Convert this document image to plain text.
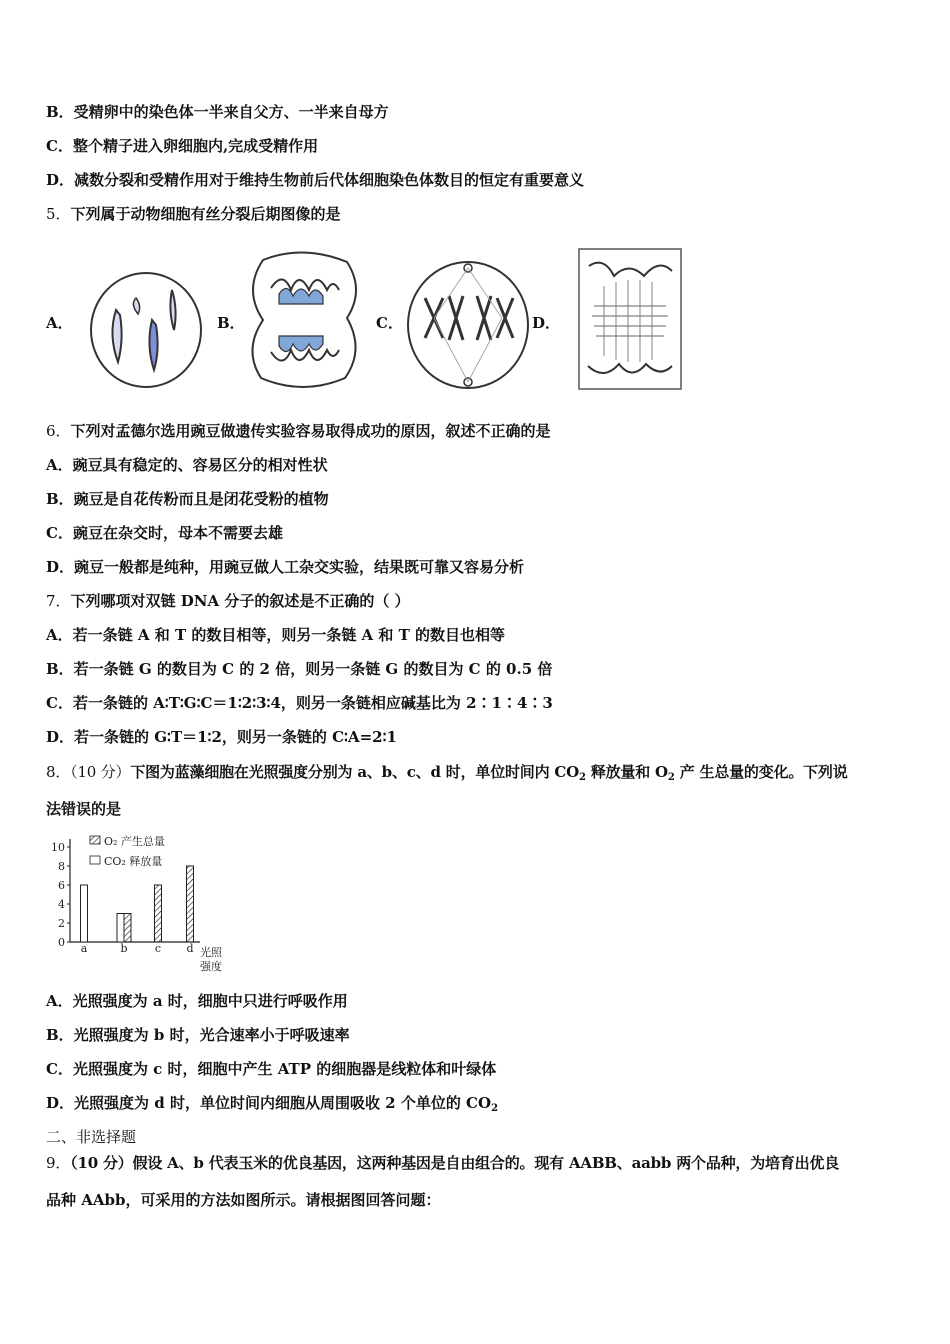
B．受精卵中的染色体一半来自父方、一半来自母方
C．整个精子进入卵细胞内,完成受精作用
D．减数分裂和受精作用对于维持生物前后代体细胞染色体数目的恒定有重要意义
5．下列属于动物细胞有丝分裂后期图像的是
A．	B．	C．	D．
6．下列对孟德尔选用豌豆做遗传实验容易取得成功的原因，叙述不正确的是
A．豌豆具有稳定的、容易区分的相对性状
B．豌豆是自花传粉而且是闭花受粉的植物
C．豌豆在杂交时，母本不需要去雄
D．豌豆一般都是纯种，用豌豆做人工杂交实验，结果既可靠又容易分析
7．下列哪项对双链 DNA 分子的叙述是不正确的（ ）
A．若一条链 A 和 T 的数目相等，则另一条链 A 和 T 的数目也相等
B．若一条链 G 的数目为 C 的 2 倍，则另一条链 G 的数目为 C 的 0.5 倍
C．若一条链的 A∶T∶G∶C＝1∶2∶3∶4，则另一条链相应碱基比为 2∶1∶4∶3
D．若一条链的 G∶T＝1∶2，则另一条链的 C∶A=2∶1
8．（10 分）下图为蓝藻细胞在光照强度分别为 a、b、c、d 时，单位时间内 $CO_2$ 释放量和 $O_2$ 产 生总量的变化。下列说
法错误的是
0
2
4
6
8
10
a	b c d 光照
强度
O₂ 产生总量
CO₂ 释放量
A．光照强度为 a 时，细胞中只进行呼吸作用
B．光照强度为 b 时，光合速率小于呼吸速率
C．光照强度为 c 时，细胞中产生 ATP 的细胞器是线粒体和叶绿体
D．光照强度为 d 时，单位时间内细胞从周围吸收 2 个单位的 $CO_2$
二、非选择题
9．（10 分）假设 A、b 代表玉米的优良基因，这两种基因是自由组合的。现有 AABB、aabb 两个品种，为培育出优良
品种 AAbb，可采用的方法如图所示。请根据图回答问题：
